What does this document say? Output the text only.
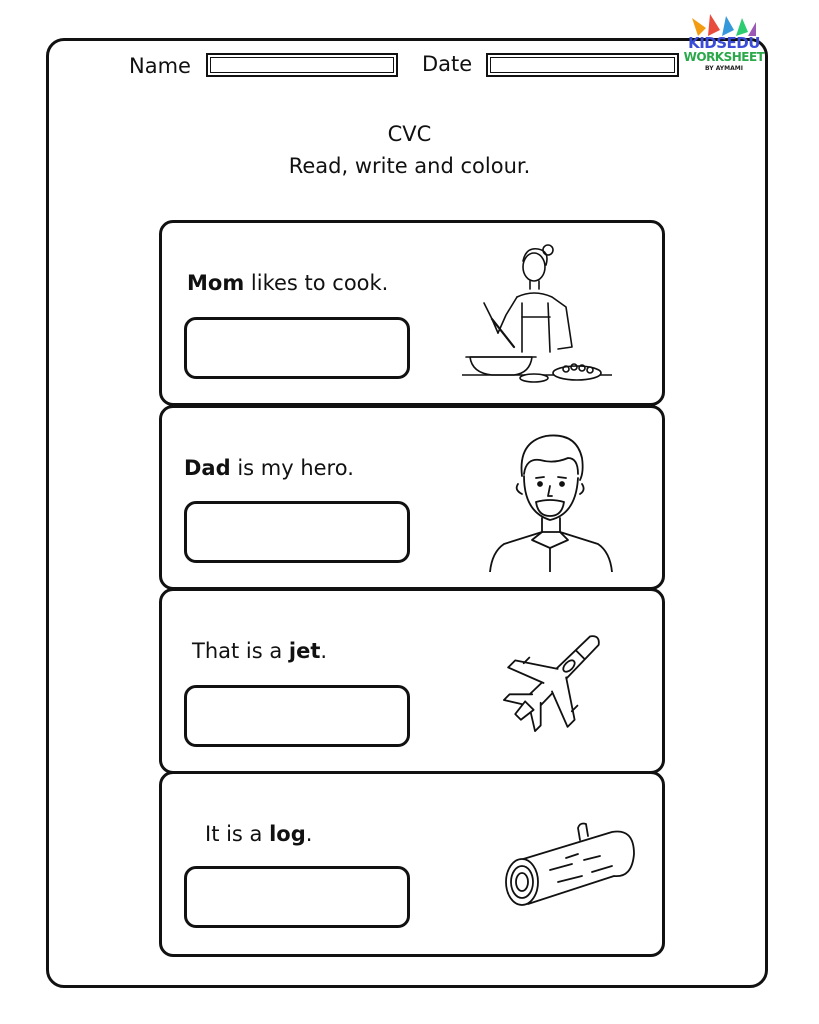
Name	Date
KIDSEDU
WORKSHEET
BY AYMAMI
CVC
Read, write and colour.
Mom likes to cook.
Dad is my hero.
That is a jet.
It is a log.
